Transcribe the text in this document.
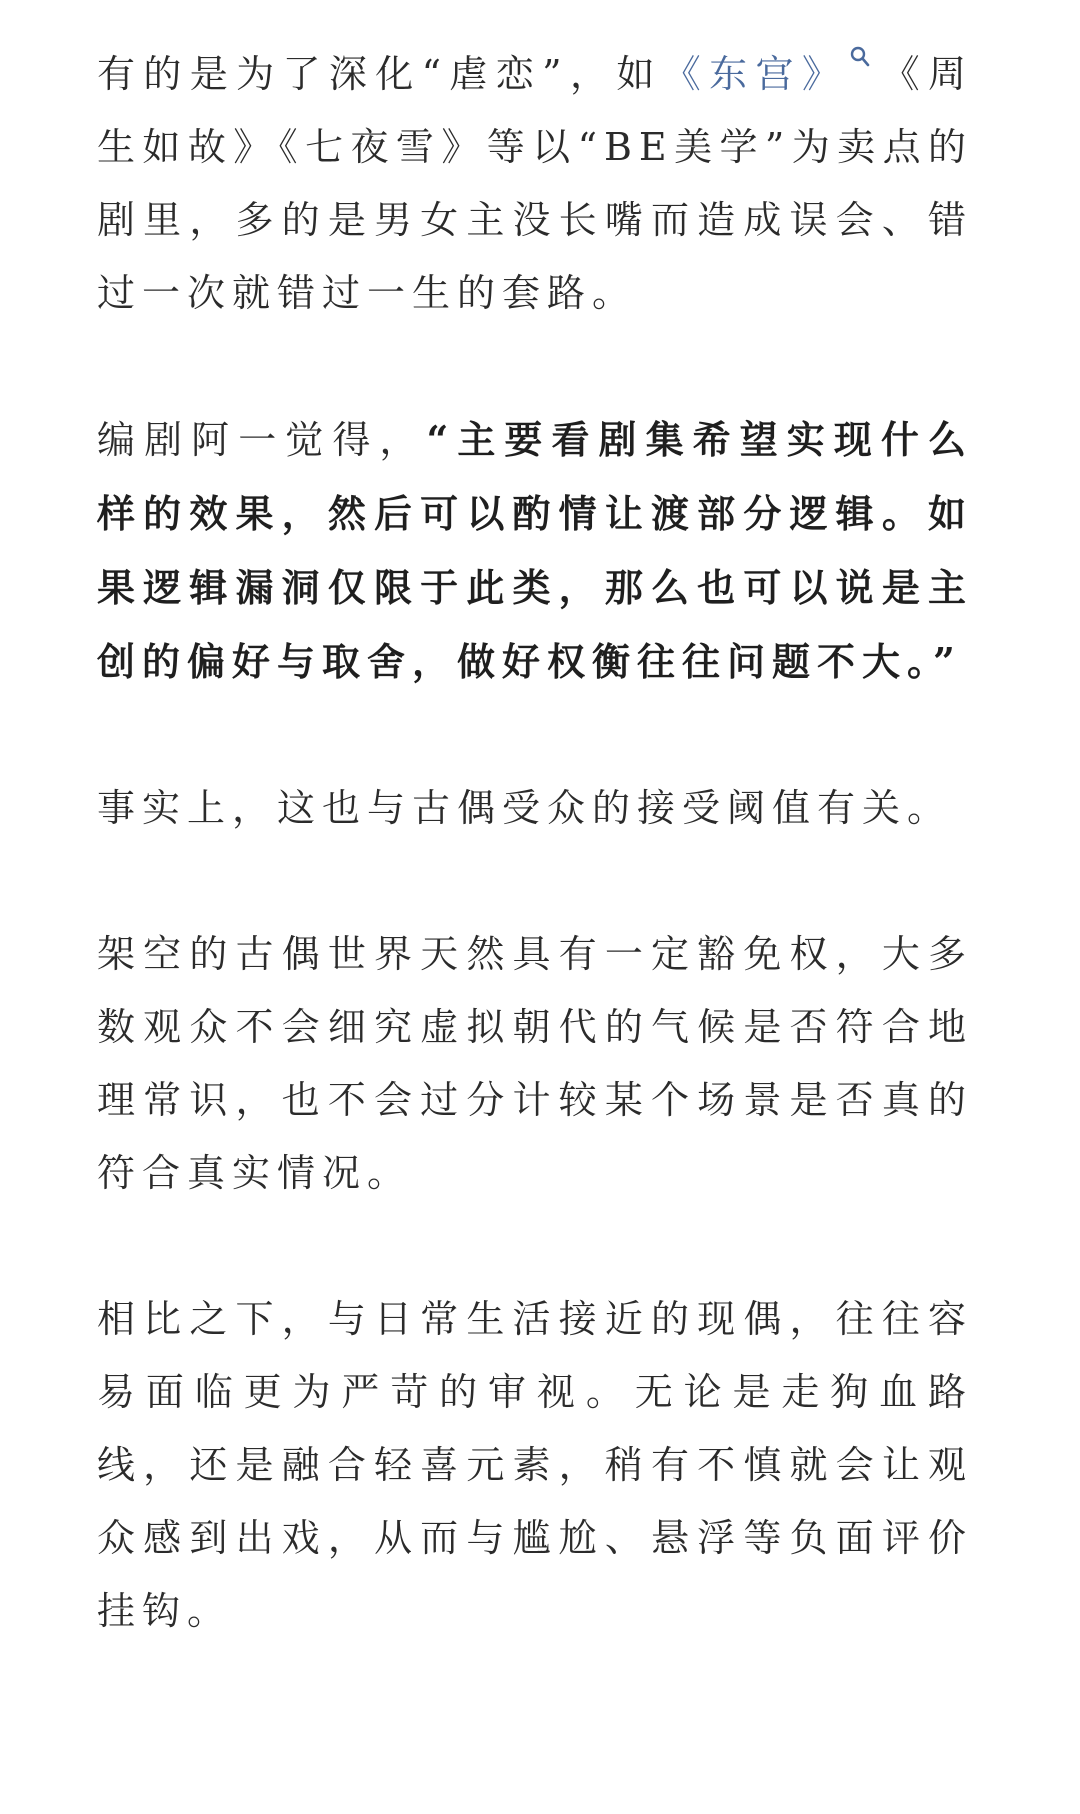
有的是为了深化“虐恋”，如《东宫》 《周生如故》《七夜雪》等以“BE美学”为卖点的剧里，多的是男女主没长嘴而造成误会、错过一次就错过一生的套路。

编剧阿一觉得，“主要看剧集希望实现什么样的效果，然后可以酌情让渡部分逻辑。如果逻辑漏洞仅限于此类，那么也可以说是主创的偏好与取舍，做好权衡往往问题不大。”

事实上，这也与古偶受众的接受阈值有关。

架空的古偶世界天然具有一定豁免权，大多数观众不会细究虚拟朝代的气候是否符合地理常识，也不会过分计较某个场景是否真的符合真实情况。

相比之下，与日常生活接近的现偶，往往容易面临更为严苛的审视。无论是走狗血路线，还是融合轻喜元素，稍有不慎就会让观众感到出戏，从而与尴尬、悬浮等负面评价挂钩。
